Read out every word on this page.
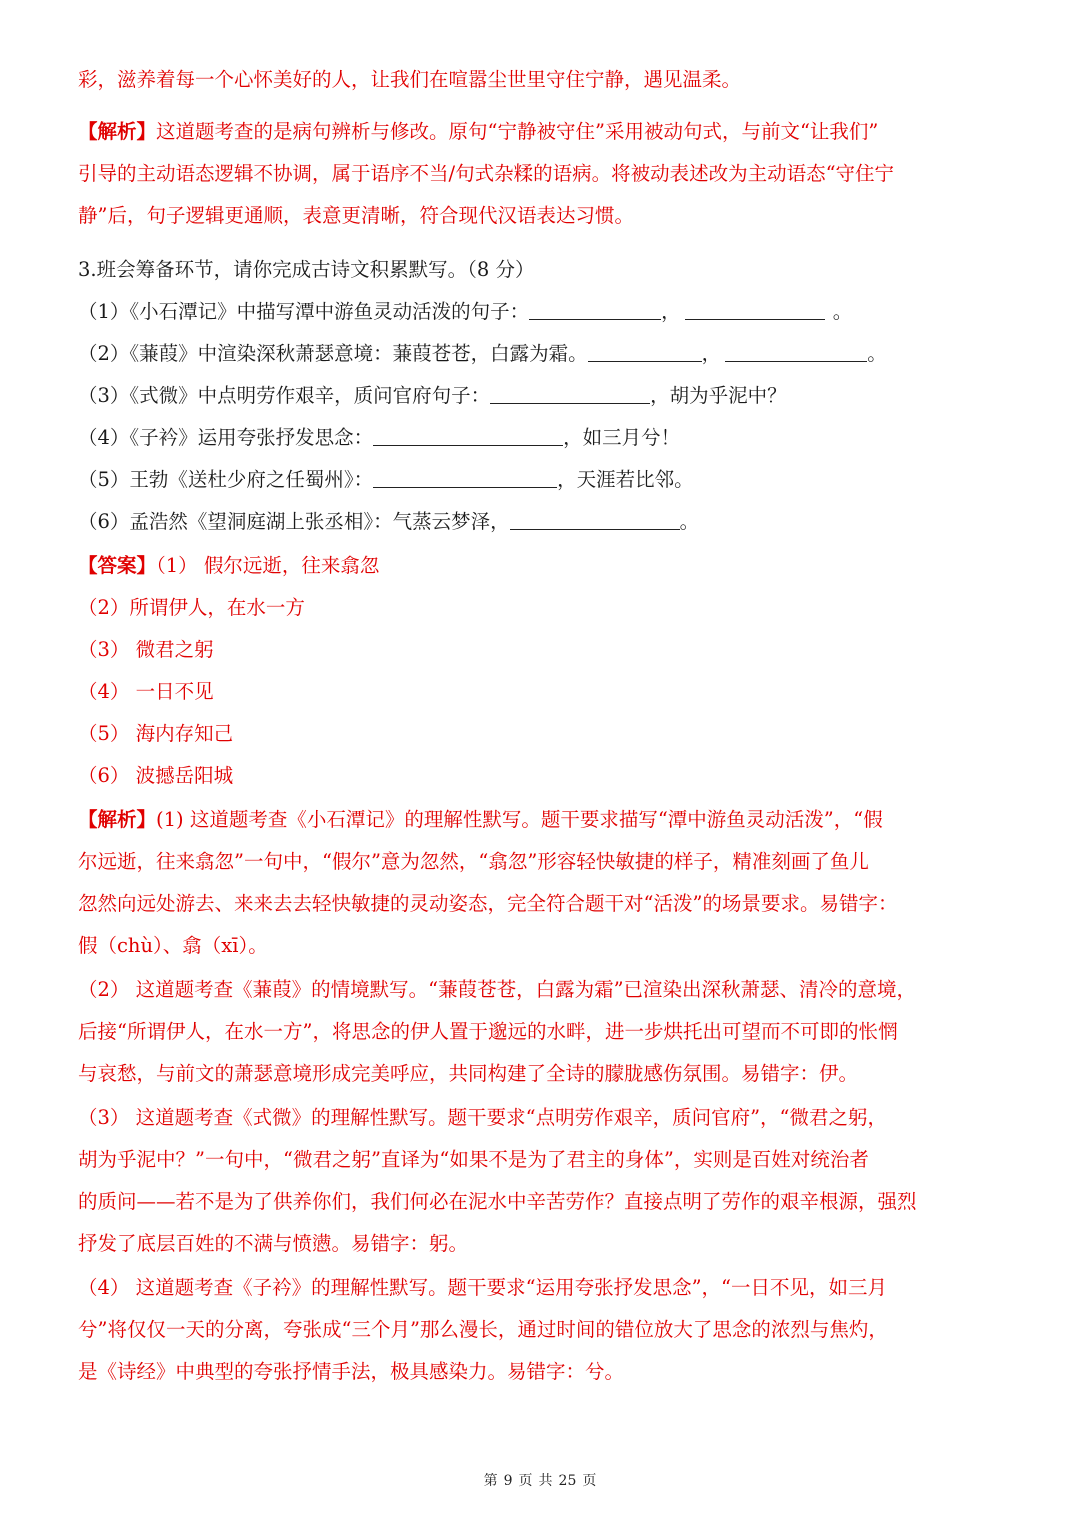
彩，滋养着每一个心怀美好的人，让我们在喧嚣尘世里守住宁静，遇见温柔。
【解析】这道题考查的是病句辨析与修改。原句“宁静被守住”采用被动句式，与前文“让我们”
引导的主动语态逻辑不协调，属于语序不当/句式杂糅的语病。将被动表述改为主动语态“守住宁
静”后，句子逻辑更通顺，表意更清晰，符合现代汉语表达习惯。
3.班会筹备环节，请你完成古诗文积累默写。（8 分）
（1）《小石潭记》中描写潭中游鱼灵动活泼的句子：	，	。
（2）《蒹葭》中渲染深秋萧瑟意境：蒹葭苍苍，白露为霜。	，	。
（3）《式微》中点明劳作艰辛，质问官府句子：	，胡为乎泥中？
（4）《子衿》运用夸张抒发思念：	，如三月兮！
（5）王勃《送杜少府之任蜀州》：	，天涯若比邻。
（6）孟浩然《望洞庭湖上张丞相》：气蒸云梦泽，	。
【答案】（1） 假尔远逝，往来翕忽
（2）所谓伊人，在水一方
（3） 微君之躬
（4） 一日不见
（5） 海内存知己
（6） 波撼岳阳城
【解析】(1) 这道题考查《小石潭记》的理解性默写。题干要求描写“潭中游鱼灵动活泼”，“假
尔远逝，往来翕忽”一句中，“假尔”意为忽然，“翕忽”形容轻快敏捷的样子，精准刻画了鱼儿
忽然向远处游去、来来去去轻快敏捷的灵动姿态，完全符合题干对“活泼”的场景要求。易错字：
假（chù）、翕（xī）。
（2） 这道题考查《蒹葭》的情境默写。“蒹葭苍苍，白露为霜”已渲染出深秋萧瑟、清冷的意境，
后接“所谓伊人，在水一方”，将思念的伊人置于邈远的水畔，进一步烘托出可望而不可即的怅惘
与哀愁，与前文的萧瑟意境形成完美呼应，共同构建了全诗的朦胧感伤氛围。易错字：伊。
（3） 这道题考查《式微》的理解性默写。题干要求“点明劳作艰辛，质问官府”，“微君之躬，
胡为乎泥中？”一句中，“微君之躬”直译为“如果不是为了君主的身体”，实则是百姓对统治者
的质问——若不是为了供养你们，我们何必在泥水中辛苦劳作？直接点明了劳作的艰辛根源，强烈
抒发了底层百姓的不满与愤懑。易错字：躬。
（4） 这道题考查《子衿》的理解性默写。题干要求“运用夸张抒发思念”，“一日不见，如三月
兮”将仅仅一天的分离，夸张成“三个月”那么漫长，通过时间的错位放大了思念的浓烈与焦灼，
是《诗经》中典型的夸张抒情手法，极具感染力。易错字：兮。
第 9 页 共 25 页
